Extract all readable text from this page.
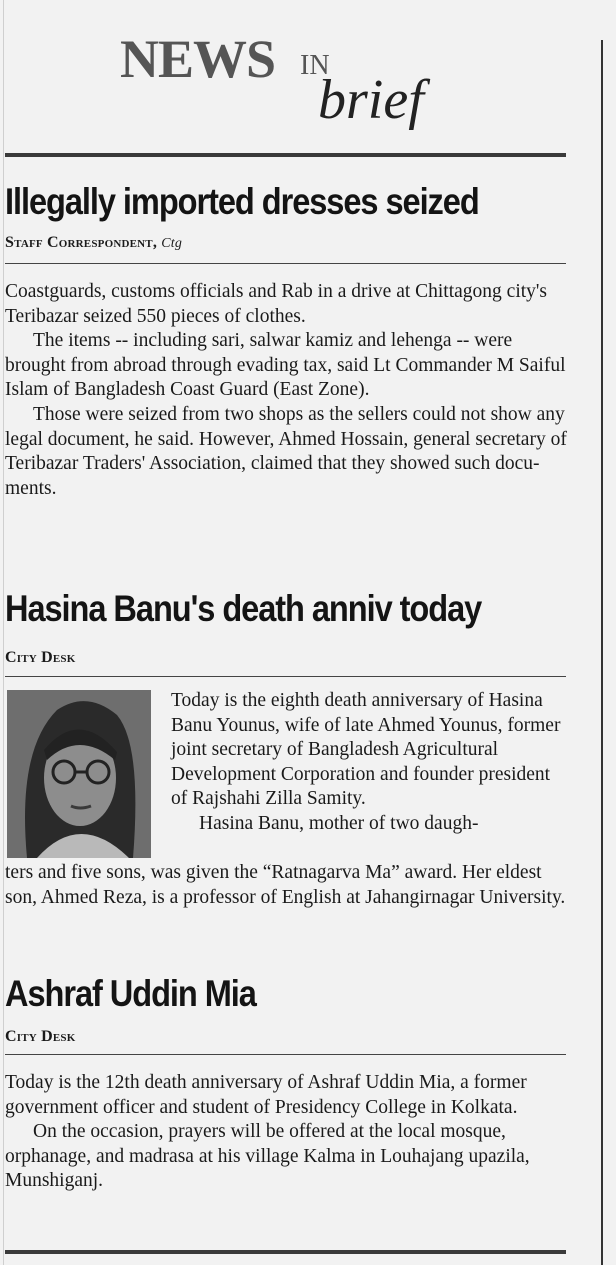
NEWS IN
brief
Illegally imported dresses seized
Staff Correspondent, Ctg

Coastguards, customs officials and Rab in a drive at Chittagong city's Teribazar seized 550 pieces of clothes.

The items -- including sari, salwar kamiz and lehenga -- were brought from abroad through evading tax, said Lt Commander M Saiful Islam of Bangladesh Coast Guard (East Zone).

Those were seized from two shops as the sellers could not show any legal document, he said. However, Ahmed Hossain, general secretary of Teribazar Traders' Association, claimed that they showed such docu-ments.

Hasina Banu's death anniv today
City Desk

Today is the eighth death anniversary of Hasina Banu Younus, wife of late Ahmed Younus, former joint secretary of Bangladesh Agricultural Development Corporation and founder president of Rajshahi Zilla Samity.
Hasina Banu, mother of two daugh-

ters and five sons, was given the “Ratnagarva Ma” award. Her eldest son, Ahmed Reza, is a professor of English at Jahangirnagar University.

Ashraf Uddin Mia
City Desk

Today is the 12th death anniversary of Ashraf Uddin Mia, a former government officer and student of Presidency College in Kolkata.

On the occasion, prayers will be offered at the local mosque, orphanage, and madrasa at his village Kalma in Louhajang upazila, Munshiganj.
